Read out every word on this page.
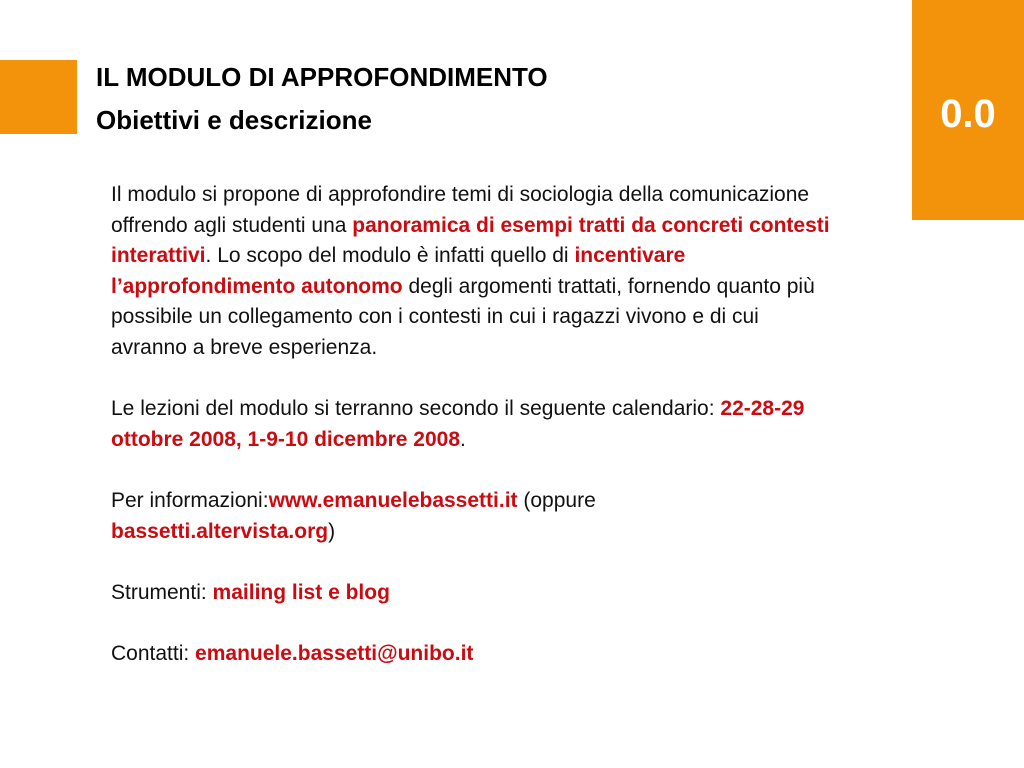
0.0
IL MODULO DI APPROFONDIMENTO
Obiettivi e descrizione

Il modulo si propone di approfondire temi di sociologia della comunicazione offrendo agli studenti una panoramica di esempi tratti da concreti contesti interattivi. Lo scopo del modulo è infatti quello di incentivare l’approfondimento autonomo degli argomenti trattati, fornendo quanto più possibile un collegamento con i contesti in cui i ragazzi vivono e di cui avranno a breve esperienza.

Le lezioni del modulo si terranno secondo il seguente calendario: 22-28-29 ottobre 2008, 1-9-10 dicembre 2008.

Per informazioni:www.emanuelebassetti.it (oppure
bassetti.altervista.org)

Strumenti: mailing list e blog

Contatti: emanuele.bassetti@unibo.it
